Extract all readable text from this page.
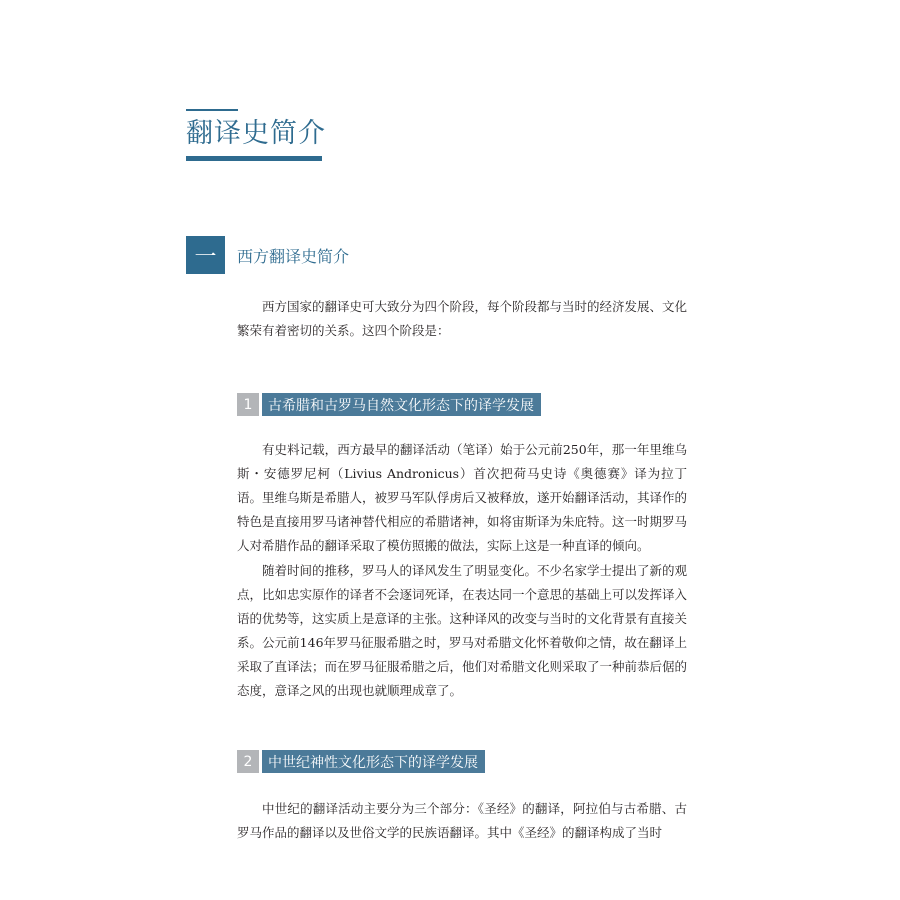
翻译史简介
一	西方翻译史简介

西方国家的翻译史可大致分为四个阶段，每个阶段都与当时的经济发展、文化繁荣有着密切的关系。这四个阶段是：

1	古希腊和古罗马自然文化形态下的译学发展

有史料记载，西方最早的翻译活动（笔译）始于公元前250年，那一年里维乌斯・安德罗尼柯（Livius Andronicus）首次把荷马史诗《奥德赛》译为拉丁语。里维乌斯是希腊人，被罗马军队俘虏后又被释放，遂开始翻译活动，其译作的特色是直接用罗马诸神替代相应的希腊诸神，如将宙斯译为朱庇特。这一时期罗马人对希腊作品的翻译采取了模仿照搬的做法，实际上这是一种直译的倾向。

随着时间的推移，罗马人的译风发生了明显变化。不少名家学士提出了新的观点，比如忠实原作的译者不会逐词死译，在表达同一个意思的基础上可以发挥译入语的优势等，这实质上是意译的主张。这种译风的改变与当时的文化背景有直接关系。公元前146年罗马征服希腊之时，罗马对希腊文化怀着敬仰之情，故在翻译上采取了直译法；而在罗马征服希腊之后，他们对希腊文化则采取了一种前恭后倨的态度，意译之风的出现也就顺理成章了。

2	中世纪神性文化形态下的译学发展

中世纪的翻译活动主要分为三个部分：《圣经》的翻译，阿拉伯与古希腊、古罗马作品的翻译以及世俗文学的民族语翻译。其中《圣经》的翻译构成了当时
